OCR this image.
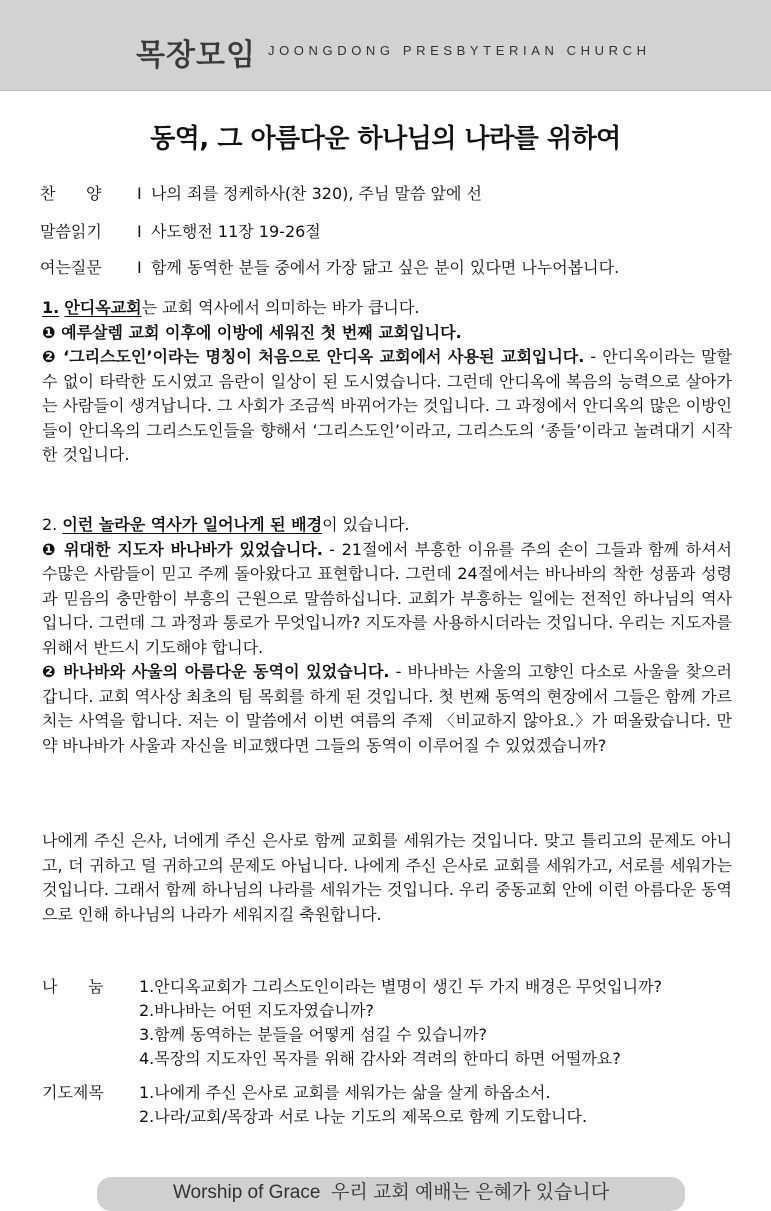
목장모임 JOONGDONG PRESBYTERIAN CHURCH
동역, 그 아름다운 하나님의 나라를 위하여
찬      양 I 나의 죄를 정케하사(찬 320), 주님 말씀 앞에 선
말씀읽기 I 사도행전 11장 19-26절
여는질문 I 함께 동역한 분들 중에서 가장 닮고 싶은 분이 있다면 나누어봅니다.

1. 안디옥교회는 교회 역사에서 의미하는 바가 큽니다.

❶ 예루살렘 교회 이후에 이방에 세워진 첫 번째 교회입니다.

❷ ‘그리스도인’이라는 명칭이 처음으로 안디옥 교회에서 사용된 교회입니다. - 안디옥이라는 말할 수 없이 타락한 도시였고 음란이 일상이 된 도시였습니다. 그런데 안디옥에 복음의 능력으로 살아가는 사람들이 생겨납니다. 그 사회가 조금씩 바뀌어가는 것입니다. 그 과정에서 안디옥의 많은 이방인들이 안디옥의 그리스도인들을 향해서 ‘그리스도인’이라고, 그리스도의 ‘종들’이라고 놀려대기 시작한 것입니다.

2. 이런 놀라운 역사가 일어나게 된 배경이 있습니다.

❶ 위대한 지도자 바나바가 있었습니다. - 21절에서 부흥한 이유를 주의 손이 그들과 함께 하셔서 수많은 사람들이 믿고 주께 돌아왔다고 표현합니다. 그런데 24절에서는 바나바의 착한 성품과 성령과 믿음의 충만함이 부흥의 근원으로 말씀하십니다. 교회가 부흥하는 일에는 전적인 하나님의 역사입니다. 그런데 그 과정과 통로가 무엇입니까? 지도자를 사용하시더라는 것입니다. 우리는 지도자를 위해서 반드시 기도해야 합니다.

❷ 바나바와 사울의 아름다운 동역이 있었습니다. - 바나바는 사울의 고향인 다소로 사울을 찾으러 갑니다. 교회 역사상 최초의 팀 목회를 하게 된 것입니다. 첫 번째 동역의 현장에서 그들은 함께 가르치는 사역을 합니다. 저는 이 말씀에서 이번 여름의 주제 〈비교하지 않아요.〉가 떠올랐습니다. 만약 바나바가 사울과 자신을 비교했다면 그들의 동역이 이루어질 수 있었겠습니까?

나에게 주신 은사, 너에게 주신 은사로 함께 교회를 세워가는 것입니다. 맞고 틀리고의 문제도 아니고, 더 귀하고 덜 귀하고의 문제도 아닙니다. 나에게 주신 은사로 교회를 세워가고, 서로를 세워가는 것입니다. 그래서 함께 하나님의 나라를 세워가는 것입니다. 우리 중동교회 안에 이런 아름다운 동역으로 인해 하나님의 나라가 세워지길 축원합니다.

나      눔 1.안디옥교회가 그리스도인이라는 별명이 생긴 두 가지 배경은 무엇입니까?
2.바나바는 어떤 지도자였습니까?
3.함께 동역하는 분들을 어떻게 섬길 수 있습니까?
4.목장의 지도자인 목자를 위해 감사와 격려의 한마디 하면 어떨까요?
기도제목 1.나에게 주신 은사로 교회를 세워가는 삶을 살게 하옵소서.
2.나라/교회/목장과 서로 나눈 기도의 제목으로 함께 기도합니다.
Worship of Grace 우리 교회 예배는 은혜가 있습니다
